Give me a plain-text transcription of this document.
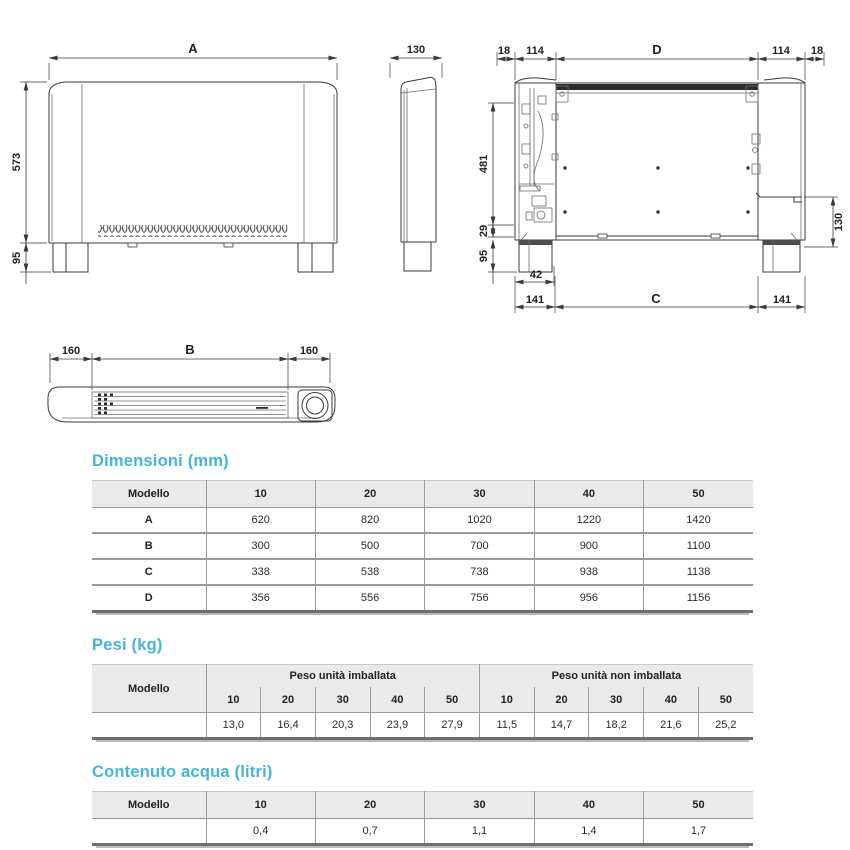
A
573
95
130	18 114	D	114 18
481
29
95
130
42
141	C	141
160	B	160
Dimensioni (mm)
Modello	10	20	30	40	50
A	620	820	1020	1220	1420
B	300	500	700	900	1100
C	338	538	738	938	1138
D	356	556	756	956	1156
Pesi (kg)
Modello	Peso unità imballata					Peso unità non imballata				
	10	20	30	40	50	10	20	30	40	50
	13,0	16,4	20,3	23,9	27,9	11,5	14,7	18,2	21,6	25,2
Contenuto acqua (litri)
Modello	10	20	30	40	50
	0,4	0,7	1,1	1,4	1,7
